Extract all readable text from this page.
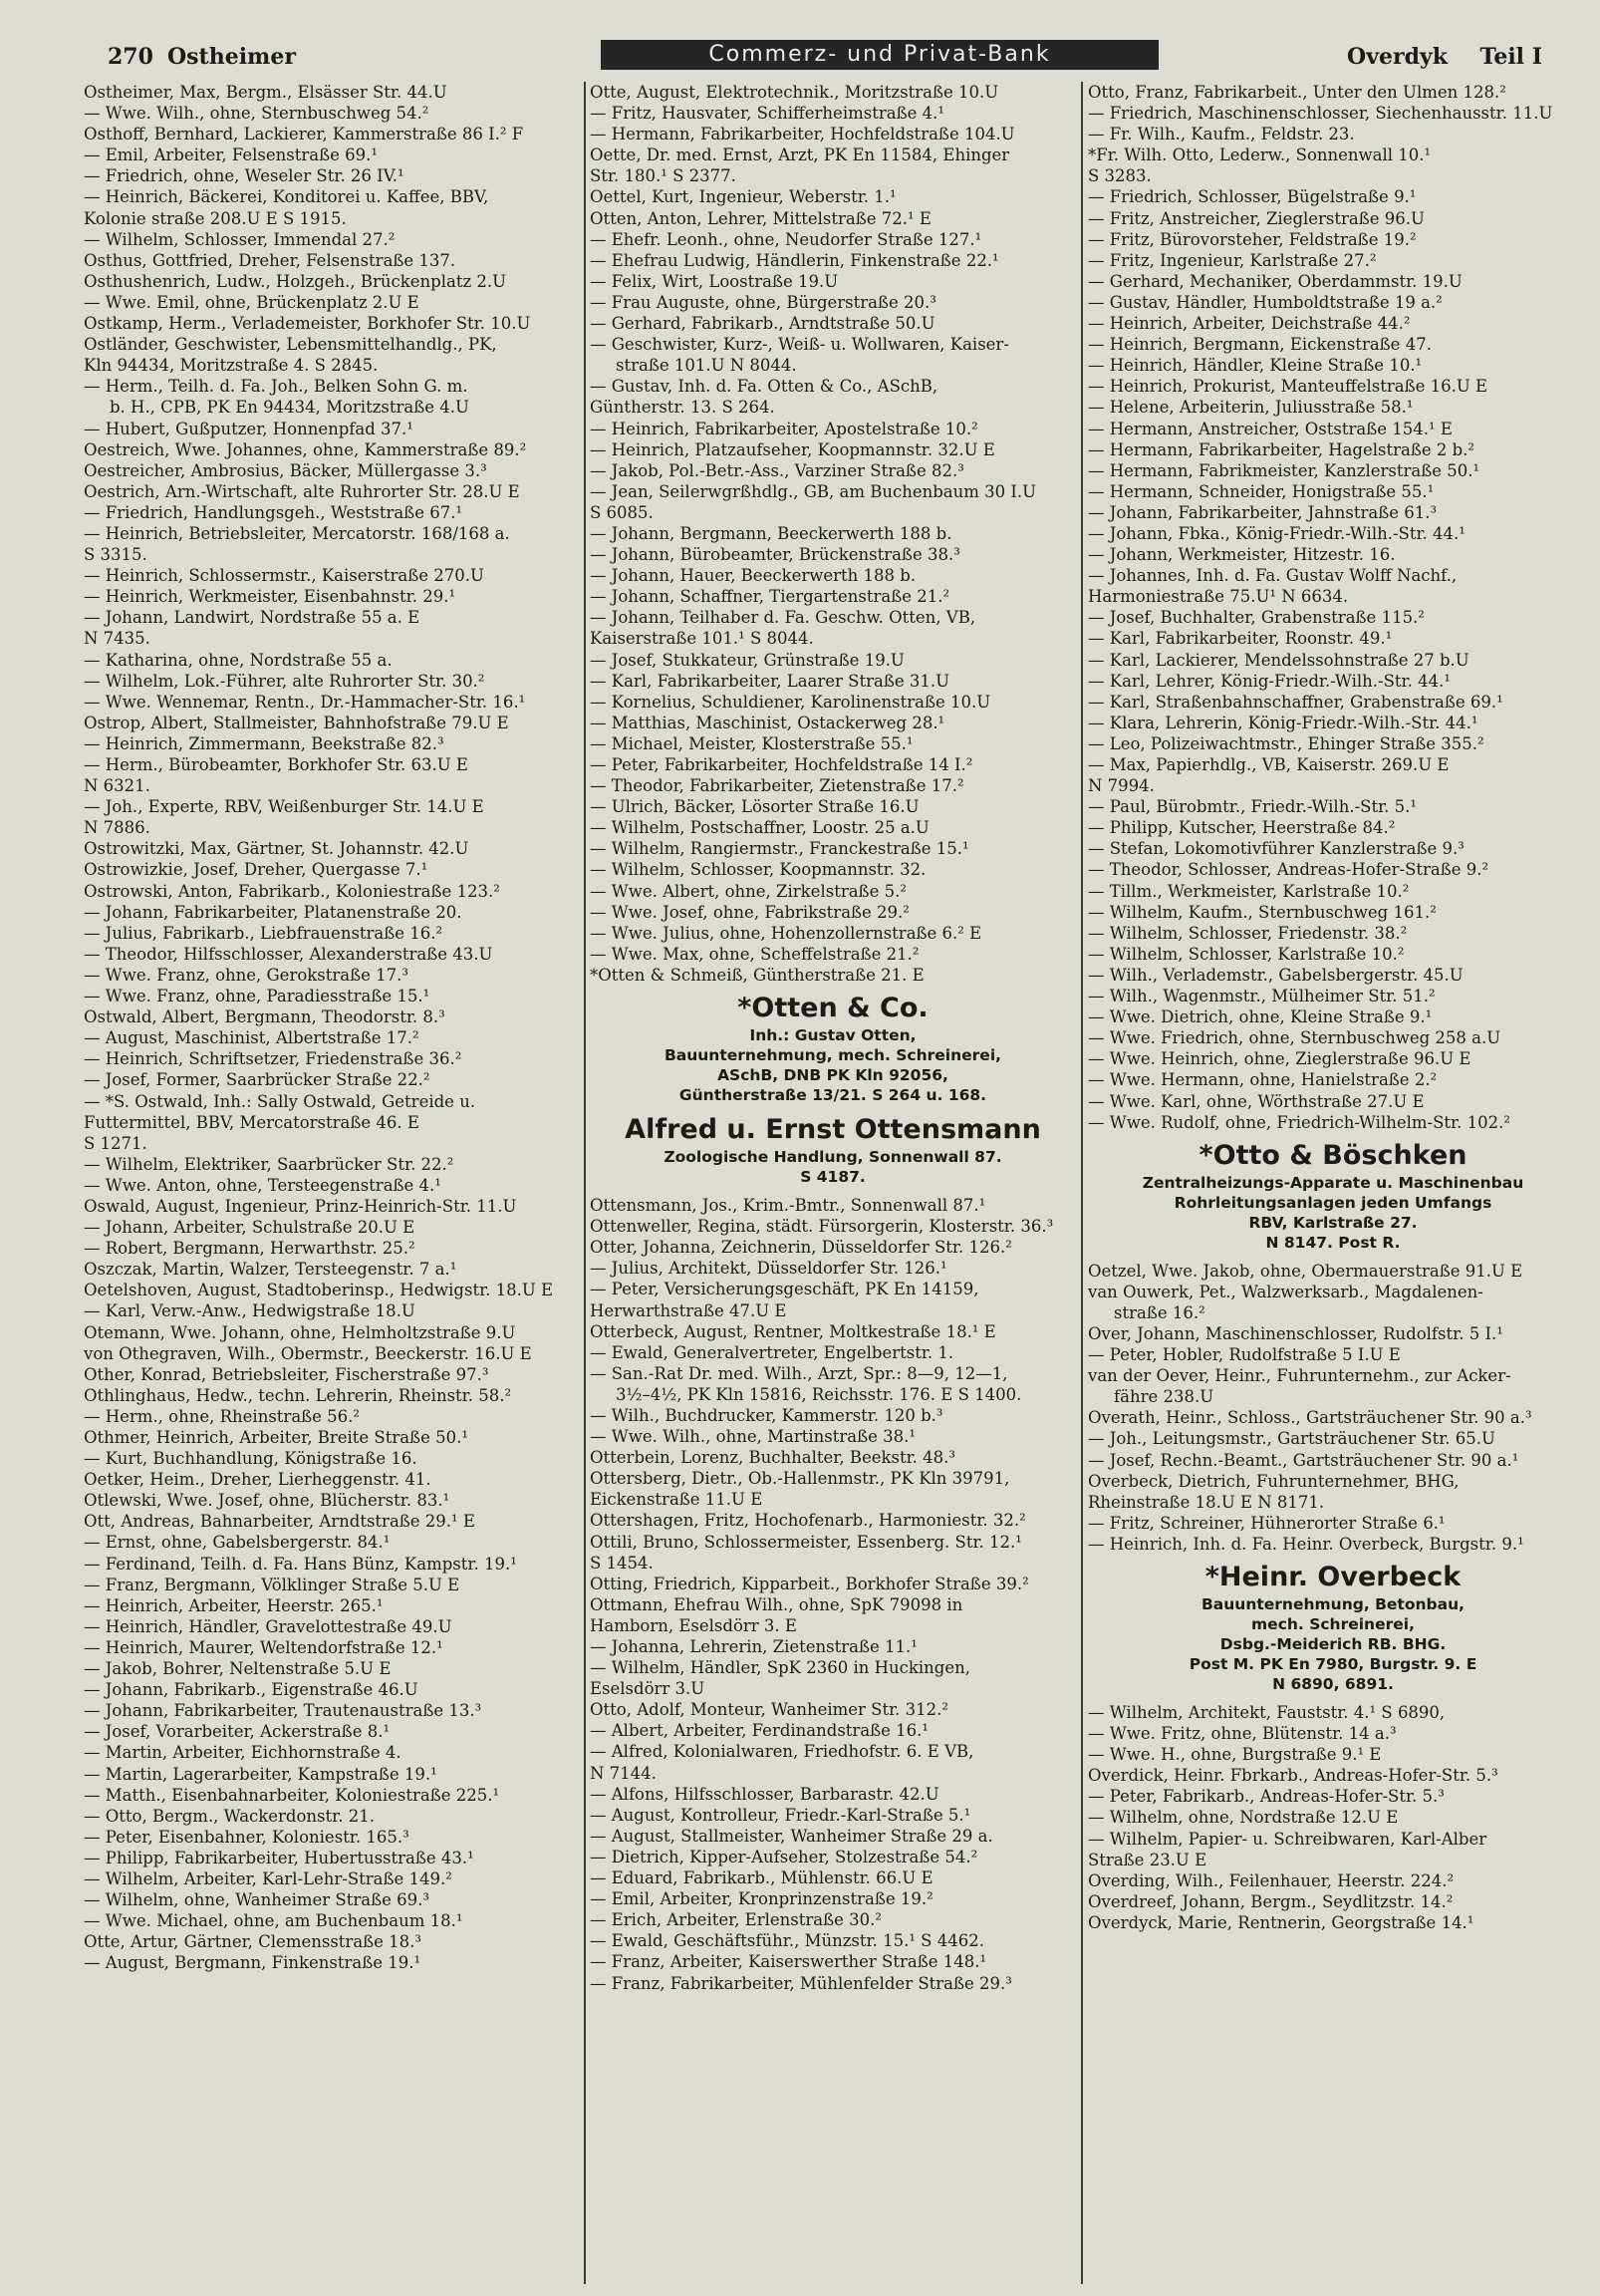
270 Ostheimer	Commerz- und Privat-Bank	Overdyk Teil I
Ostheimer, Max, Bergm., Elsässer Str. 44.U
— Wwe. Wilh., ohne, Sternbuschweg 54.²
Osthoff, Bernhard, Lackierer, Kammerstraße 86 I.² F
— Emil, Arbeiter, Felsenstraße 69.¹
— Friedrich, ohne, Weseler Str. 26 IV.¹
— Heinrich, Bäckerei, Konditorei u. Kaffee, BBV,
Kolonie straße 208.U E S 1915.
— Wilhelm, Schlosser, Immendal 27.²
Osthus, Gottfried, Dreher, Felsenstraße 137.
Osthushenrich, Ludw., Holzgeh., Brückenplatz 2.U
— Wwe. Emil, ohne, Brückenplatz 2.U E
Ostkamp, Herm., Verlademeister, Borkhofer Str. 10.U
Ostländer, Geschwister, Lebensmittelhandlg., PK,
Kln 94434, Moritzstraße 4. S 2845.
— Herm., Teilh. d. Fa. Joh., Belken Sohn G. m.
b. H., CPB, PK En 94434, Moritzstraße 4.U
— Hubert, Gußputzer, Honnenpfad 37.¹
Oestreich, Wwe. Johannes, ohne, Kammerstraße 89.²
Oestreicher, Ambrosius, Bäcker, Müllergasse 3.³
Oestrich, Arn.-Wirtschaft, alte Ruhrorter Str. 28.U E
— Friedrich, Handlungsgeh., Weststraße 67.¹
— Heinrich, Betriebsleiter, Mercatorstr. 168/168 a.
S 3315.
— Heinrich, Schlossermstr., Kaiserstraße 270.U
— Heinrich, Werkmeister, Eisenbahnstr. 29.¹
— Johann, Landwirt, Nordstraße 55 a. E
N 7435.
— Katharina, ohne, Nordstraße 55 a.
— Wilhelm, Lok.-Führer, alte Ruhrorter Str. 30.²
— Wwe. Wennemar, Rentn., Dr.-Hammacher-Str. 16.¹
Ostrop, Albert, Stallmeister, Bahnhofstraße 79.U E
— Heinrich, Zimmermann, Beekstraße 82.³
— Herm., Bürobeamter, Borkhofer Str. 63.U E
N 6321.
— Joh., Experte, RBV, Weißenburger Str. 14.U E
N 7886.
Ostrowitzki, Max, Gärtner, St. Johannstr. 42.U
Ostrowizkie, Josef, Dreher, Quergasse 7.¹
Ostrowski, Anton, Fabrikarb., Koloniestraße 123.²
— Johann, Fabrikarbeiter, Platanenstraße 20.
— Julius, Fabrikarb., Liebfrauenstraße 16.²
— Theodor, Hilfsschlosser, Alexanderstraße 43.U
— Wwe. Franz, ohne, Gerokstraße 17.³
— Wwe. Franz, ohne, Paradiesstraße 15.¹
Ostwald, Albert, Bergmann, Theodorstr. 8.³
— August, Maschinist, Albertstraße 17.²
— Heinrich, Schriftsetzer, Friedenstraße 36.²
— Josef, Former, Saarbrücker Straße 22.²
— *S. Ostwald, Inh.: Sally Ostwald, Getreide u.
Futtermittel, BBV, Mercatorstraße 46. E
S 1271.
— Wilhelm, Elektriker, Saarbrücker Str. 22.²
— Wwe. Anton, ohne, Tersteegenstraße 4.¹
Oswald, August, Ingenieur, Prinz-Heinrich-Str. 11.U
— Johann, Arbeiter, Schulstraße 20.U E
— Robert, Bergmann, Herwarthstr. 25.²
Oszczak, Martin, Walzer, Tersteegenstr. 7 a.¹
Oetelshoven, August, Stadtoberinsp., Hedwigstr. 18.U E
— Karl, Verw.-Anw., Hedwigstraße 18.U
Otemann, Wwe. Johann, ohne, Helmholtzstraße 9.U
von Othegraven, Wilh., Obermstr., Beeckerstr. 16.U E
Other, Konrad, Betriebsleiter, Fischerstraße 97.³
Othlinghaus, Hedw., techn. Lehrerin, Rheinstr. 58.²
— Herm., ohne, Rheinstraße 56.²
Othmer, Heinrich, Arbeiter, Breite Straße 50.¹
— Kurt, Buchhandlung, Königstraße 16.
Oetker, Heim., Dreher, Lierheggenstr. 41.
Otlewski, Wwe. Josef, ohne, Blücherstr. 83.¹
Ott, Andreas, Bahnarbeiter, Arndtstraße 29.¹ E
— Ernst, ohne, Gabelsbergerstr. 84.¹
— Ferdinand, Teilh. d. Fa. Hans Bünz, Kampstr. 19.¹
— Franz, Bergmann, Völklinger Straße 5.U E
— Heinrich, Arbeiter, Heerstr. 265.¹
— Heinrich, Händler, Gravelottestraße 49.U
— Heinrich, Maurer, Weltendorfstraße 12.¹
— Jakob, Bohrer, Neltenstraße 5.U E
— Johann, Fabrikarb., Eigenstraße 46.U
— Johann, Fabrikarbeiter, Trautenaustraße 13.³
— Josef, Vorarbeiter, Ackerstraße 8.¹
— Martin, Arbeiter, Eichhornstraße 4.
— Martin, Lagerarbeiter, Kampstraße 19.¹
— Matth., Eisenbahnarbeiter, Koloniestraße 225.¹
— Otto, Bergm., Wackerdonstr. 21.
— Peter, Eisenbahner, Koloniestr. 165.³
— Philipp, Fabrikarbeiter, Hubertusstraße 43.¹
— Wilhelm, Arbeiter, Karl-Lehr-Straße 149.²
— Wilhelm, ohne, Wanheimer Straße 69.³
— Wwe. Michael, ohne, am Buchenbaum 18.¹
Otte, Artur, Gärtner, Clemensstraße 18.³
— August, Bergmann, Finkenstraße 19.¹
Otte, August, Elektrotechnik., Moritzstraße 10.U
— Fritz, Hausvater, Schifferheimstraße 4.¹
— Hermann, Fabrikarbeiter, Hochfeldstraße 104.U
Oette, Dr. med. Ernst, Arzt, PK En 11584, Ehinger
Str. 180.¹ S 2377.
Oettel, Kurt, Ingenieur, Weberstr. 1.¹
Otten, Anton, Lehrer, Mittelstraße 72.¹ E
— Ehefr. Leonh., ohne, Neudorfer Straße 127.¹
— Ehefrau Ludwig, Händlerin, Finkenstraße 22.¹
— Felix, Wirt, Loostraße 19.U
— Frau Auguste, ohne, Bürgerstraße 20.³
— Gerhard, Fabrikarb., Arndtstraße 50.U
— Geschwister, Kurz-, Weiß- u. Wollwaren, Kaiser-
straße 101.U N 8044.
— Gustav, Inh. d. Fa. Otten & Co., ASchB,
Güntherstr. 13. S 264.
— Heinrich, Fabrikarbeiter, Apostelstraße 10.²
— Heinrich, Platzaufseher, Koopmannstr. 32.U E
— Jakob, Pol.-Betr.-Ass., Varziner Straße 82.³
— Jean, Seilerwgrßhdlg., GB, am Buchenbaum 30 I.U
S 6085.
— Johann, Bergmann, Beeckerwerth 188 b.
— Johann, Bürobeamter, Brückenstraße 38.³
— Johann, Hauer, Beeckerwerth 188 b.
— Johann, Schaffner, Tiergartenstraße 21.²
— Johann, Teilhaber d. Fa. Geschw. Otten, VB,
Kaiserstraße 101.¹ S 8044.
— Josef, Stukkateur, Grünstraße 19.U
— Karl, Fabrikarbeiter, Laarer Straße 31.U
— Kornelius, Schuldiener, Karolinenstraße 10.U
— Matthias, Maschinist, Ostackerweg 28.¹
— Michael, Meister, Klosterstraße 55.¹
— Peter, Fabrikarbeiter, Hochfeldstraße 14 I.²
— Theodor, Fabrikarbeiter, Zietenstraße 17.²
— Ulrich, Bäcker, Lösorter Straße 16.U
— Wilhelm, Postschaffner, Loostr. 25 a.U
— Wilhelm, Rangiermstr., Franckestraße 15.¹
— Wilhelm, Schlosser, Koopmannstr. 32.
— Wwe. Albert, ohne, Zirkelstraße 5.²
— Wwe. Josef, ohne, Fabrikstraße 29.²
— Wwe. Julius, ohne, Hohenzollernstraße 6.² E
— Wwe. Max, ohne, Scheffelstraße 21.²
*Otten & Schmeiß, Güntherstraße 21. E
*Otten & Co.
Inh.: Gustav Otten,
Bauunternehmung, mech. Schreinerei,
ASchB, DNB PK Kln 92056,
Güntherstraße 13/21. S 264 u. 168.
Alfred u. Ernst Ottensmann
Zoologische Handlung, Sonnenwall 87.
S 4187.
Ottensmann, Jos., Krim.-Bmtr., Sonnenwall 87.¹
Ottenweller, Regina, städt. Fürsorgerin, Klosterstr. 36.³
Otter, Johanna, Zeichnerin, Düsseldorfer Str. 126.²
— Julius, Architekt, Düsseldorfer Str. 126.¹
— Peter, Versicherungsgeschäft, PK En 14159,
Herwarthstraße 47.U E
Otterbeck, August, Rentner, Moltkestraße 18.¹ E
— Ewald, Generalvertreter, Engelbertstr. 1.
— San.-Rat Dr. med. Wilh., Arzt, Spr.: 8—9, 12—1,
3½–4½, PK Kln 15816, Reichsstr. 176. E S 1400.
— Wilh., Buchdrucker, Kammerstr. 120 b.³
— Wwe. Wilh., ohne, Martinstraße 38.¹
Otterbein, Lorenz, Buchhalter, Beekstr. 48.³
Ottersberg, Dietr., Ob.-Hallenmstr., PK Kln 39791,
Eickenstraße 11.U E
Ottershagen, Fritz, Hochofenarb., Harmoniestr. 32.²
Ottili, Bruno, Schlossermeister, Essenberg. Str. 12.¹
S 1454.
Otting, Friedrich, Kipparbeit., Borkhofer Straße 39.²
Ottmann, Ehefrau Wilh., ohne, SpK 79098 in
Hamborn, Eselsdörr 3. E
— Johanna, Lehrerin, Zietenstraße 11.¹
— Wilhelm, Händler, SpK 2360 in Huckingen,
Eselsdörr 3.U
Otto, Adolf, Monteur, Wanheimer Str. 312.²
— Albert, Arbeiter, Ferdinandstraße 16.¹
— Alfred, Kolonialwaren, Friedhofstr. 6. E VB,
N 7144.
— Alfons, Hilfsschlosser, Barbarastr. 42.U
— August, Kontrolleur, Friedr.-Karl-Straße 5.¹
— August, Stallmeister, Wanheimer Straße 29 a.
— Dietrich, Kipper-Aufseher, Stolzestraße 54.²
— Eduard, Fabrikarb., Mühlenstr. 66.U E
— Emil, Arbeiter, Kronprinzenstraße 19.²
— Erich, Arbeiter, Erlenstraße 30.²
— Ewald, Geschäftsführ., Münzstr. 15.¹ S 4462.
— Franz, Arbeiter, Kaiserswerther Straße 148.¹
— Franz, Fabrikarbeiter, Mühlenfelder Straße 29.³
Otto, Franz, Fabrikarbeit., Unter den Ulmen 128.²
— Friedrich, Maschinenschlosser, Siechenhausstr. 11.U
— Fr. Wilh., Kaufm., Feldstr. 23.
*Fr. Wilh. Otto, Lederw., Sonnenwall 10.¹
S 3283.
— Friedrich, Schlosser, Bügelstraße 9.¹
— Fritz, Anstreicher, Zieglerstraße 96.U
— Fritz, Bürovorsteher, Feldstraße 19.²
— Fritz, Ingenieur, Karlstraße 27.²
— Gerhard, Mechaniker, Oberdammstr. 19.U
— Gustav, Händler, Humboldtstraße 19 a.²
— Heinrich, Arbeiter, Deichstraße 44.²
— Heinrich, Bergmann, Eickenstraße 47.
— Heinrich, Händler, Kleine Straße 10.¹
— Heinrich, Prokurist, Manteuffelstraße 16.U E
— Helene, Arbeiterin, Juliusstraße 58.¹
— Hermann, Anstreicher, Oststraße 154.¹ E
— Hermann, Fabrikarbeiter, Hagelstraße 2 b.²
— Hermann, Fabrikmeister, Kanzlerstraße 50.¹
— Hermann, Schneider, Honigstraße 55.¹
— Johann, Fabrikarbeiter, Jahnstraße 61.³
— Johann, Fbka., König-Friedr.-Wilh.-Str. 44.¹
— Johann, Werkmeister, Hitzestr. 16.
— Johannes, Inh. d. Fa. Gustav Wolff Nachf.,
Harmoniestraße 75.U¹ N 6634.
— Josef, Buchhalter, Grabenstraße 115.²
— Karl, Fabrikarbeiter, Roonstr. 49.¹
— Karl, Lackierer, Mendelssohnstraße 27 b.U
— Karl, Lehrer, König-Friedr.-Wilh.-Str. 44.¹
— Karl, Straßenbahnschaffner, Grabenstraße 69.¹
— Klara, Lehrerin, König-Friedr.-Wilh.-Str. 44.¹
— Leo, Polizeiwachtmstr., Ehinger Straße 355.²
— Max, Papierhdlg., VB, Kaiserstr. 269.U E
N 7994.
— Paul, Bürobmtr., Friedr.-Wilh.-Str. 5.¹
— Philipp, Kutscher, Heerstraße 84.²
— Stefan, Lokomotivführer Kanzlerstraße 9.³
— Theodor, Schlosser, Andreas-Hofer-Straße 9.²
— Tillm., Werkmeister, Karlstraße 10.²
— Wilhelm, Kaufm., Sternbuschweg 161.²
— Wilhelm, Schlosser, Friedenstr. 38.²
— Wilhelm, Schlosser, Karlstraße 10.²
— Wilh., Verlademstr., Gabelsbergerstr. 45.U
— Wilh., Wagenmstr., Mülheimer Str. 51.²
— Wwe. Dietrich, ohne, Kleine Straße 9.¹
— Wwe. Friedrich, ohne, Sternbuschweg 258 a.U
— Wwe. Heinrich, ohne, Zieglerstraße 96.U E
— Wwe. Hermann, ohne, Hanielstraße 2.²
— Wwe. Karl, ohne, Wörthstraße 27.U E
— Wwe. Rudolf, ohne, Friedrich-Wilhelm-Str. 102.²
*Otto & Böschken
Zentralheizungs-Apparate u. Maschinenbau
Rohrleitungsanlagen jeden Umfangs
RBV, Karlstraße 27.
N 8147. Post R.
Oetzel, Wwe. Jakob, ohne, Obermauerstraße 91.U E
van Ouwerk, Pet., Walzwerksarb., Magdalenen-
straße 16.²
Over, Johann, Maschinenschlosser, Rudolfstr. 5 I.¹
— Peter, Hobler, Rudolfstraße 5 I.U E
van der Oever, Heinr., Fuhrunternehm., zur Acker-
fähre 238.U
Overath, Heinr., Schloss., Gartsträuchener Str. 90 a.³
— Joh., Leitungsmstr., Gartsträuchener Str. 65.U
— Josef, Rechn.-Beamt., Gartsträuchener Str. 90 a.¹
Overbeck, Dietrich, Fuhrunternehmer, BHG,
Rheinstraße 18.U E N 8171.
— Fritz, Schreiner, Hühnerorter Straße 6.¹
— Heinrich, Inh. d. Fa. Heinr. Overbeck, Burgstr. 9.¹
*Heinr. Overbeck
Bauunternehmung, Betonbau,
mech. Schreinerei,
Dsbg.-Meiderich RB. BHG.
Post M. PK En 7980, Burgstr. 9. E
N 6890, 6891.
— Wilhelm, Architekt, Fauststr. 4.¹ S 6890,
— Wwe. Fritz, ohne, Blütenstr. 14 a.³
— Wwe. H., ohne, Burgstraße 9.¹ E
Overdick, Heinr. Fbrkarb., Andreas-Hofer-Str. 5.³
— Peter, Fabrikarb., Andreas-Hofer-Str. 5.³
— Wilhelm, ohne, Nordstraße 12.U E
— Wilhelm, Papier- u. Schreibwaren, Karl-Alber
Straße 23.U E
Overding, Wilh., Feilenhauer, Heerstr. 224.²
Overdreef, Johann, Bergm., Seydlitzstr. 14.²
Overdyck, Marie, Rentnerin, Georgstraße 14.¹
